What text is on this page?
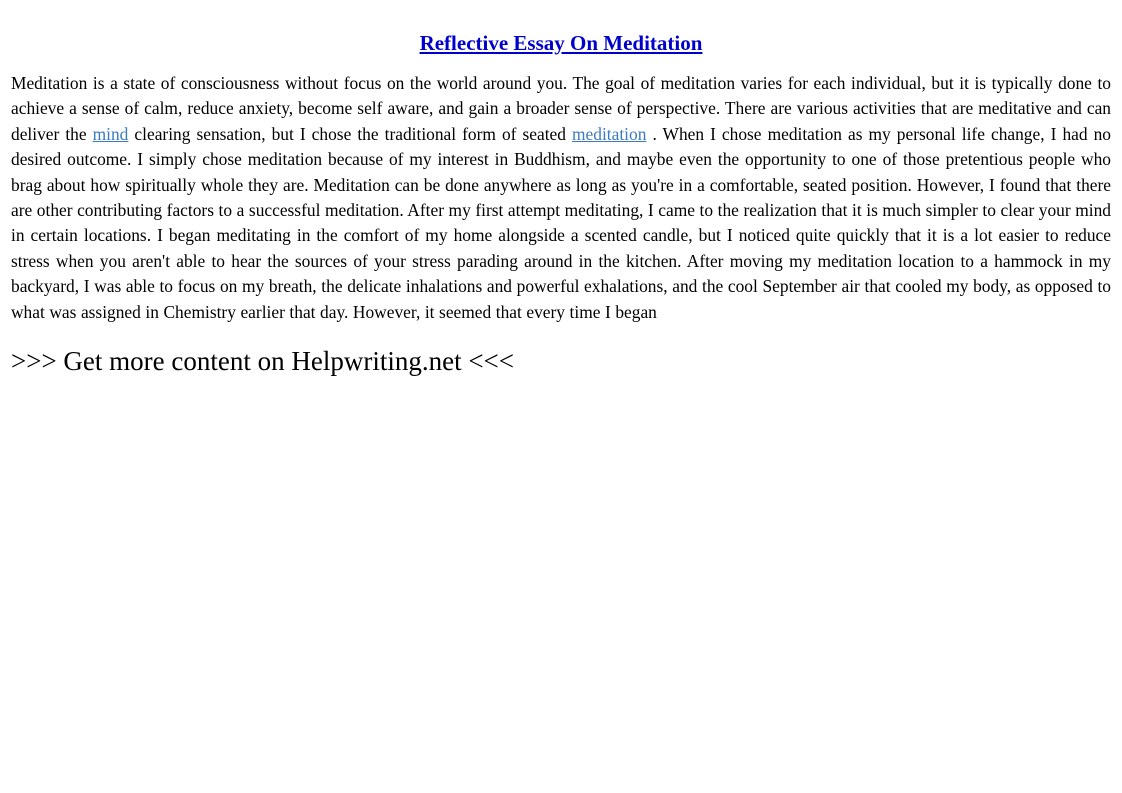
Reflective Essay On Meditation
Meditation is a state of consciousness without focus on the world around you. The goal of meditation varies for each individual, but it is typically done to achieve a sense of calm, reduce anxiety, become self aware, and gain a broader sense of perspective. There are various activities that are meditative and can deliver the mind clearing sensation, but I chose the traditional form of seated meditation . When I chose meditation as my personal life change, I had no desired outcome. I simply chose meditation because of my interest in Buddhism, and maybe even the opportunity to one of those pretentious people who brag about how spiritually whole they are. Meditation can be done anywhere as long as you're in a comfortable, seated position. However, I found that there are other contributing factors to a successful meditation. After my first attempt meditating, I came to the realization that it is much simpler to clear your mind in certain locations. I began meditating in the comfort of my home alongside a scented candle, but I noticed quite quickly that it is a lot easier to reduce stress when you aren't able to hear the sources of your stress parading around in the kitchen. After moving my meditation location to a hammock in my backyard, I was able to focus on my breath, the delicate inhalations and powerful exhalations, and the cool September air that cooled my body, as opposed to what was assigned in Chemistry earlier that day. However, it seemed that every time I began
>>> Get more content on Helpwriting.net <<<
